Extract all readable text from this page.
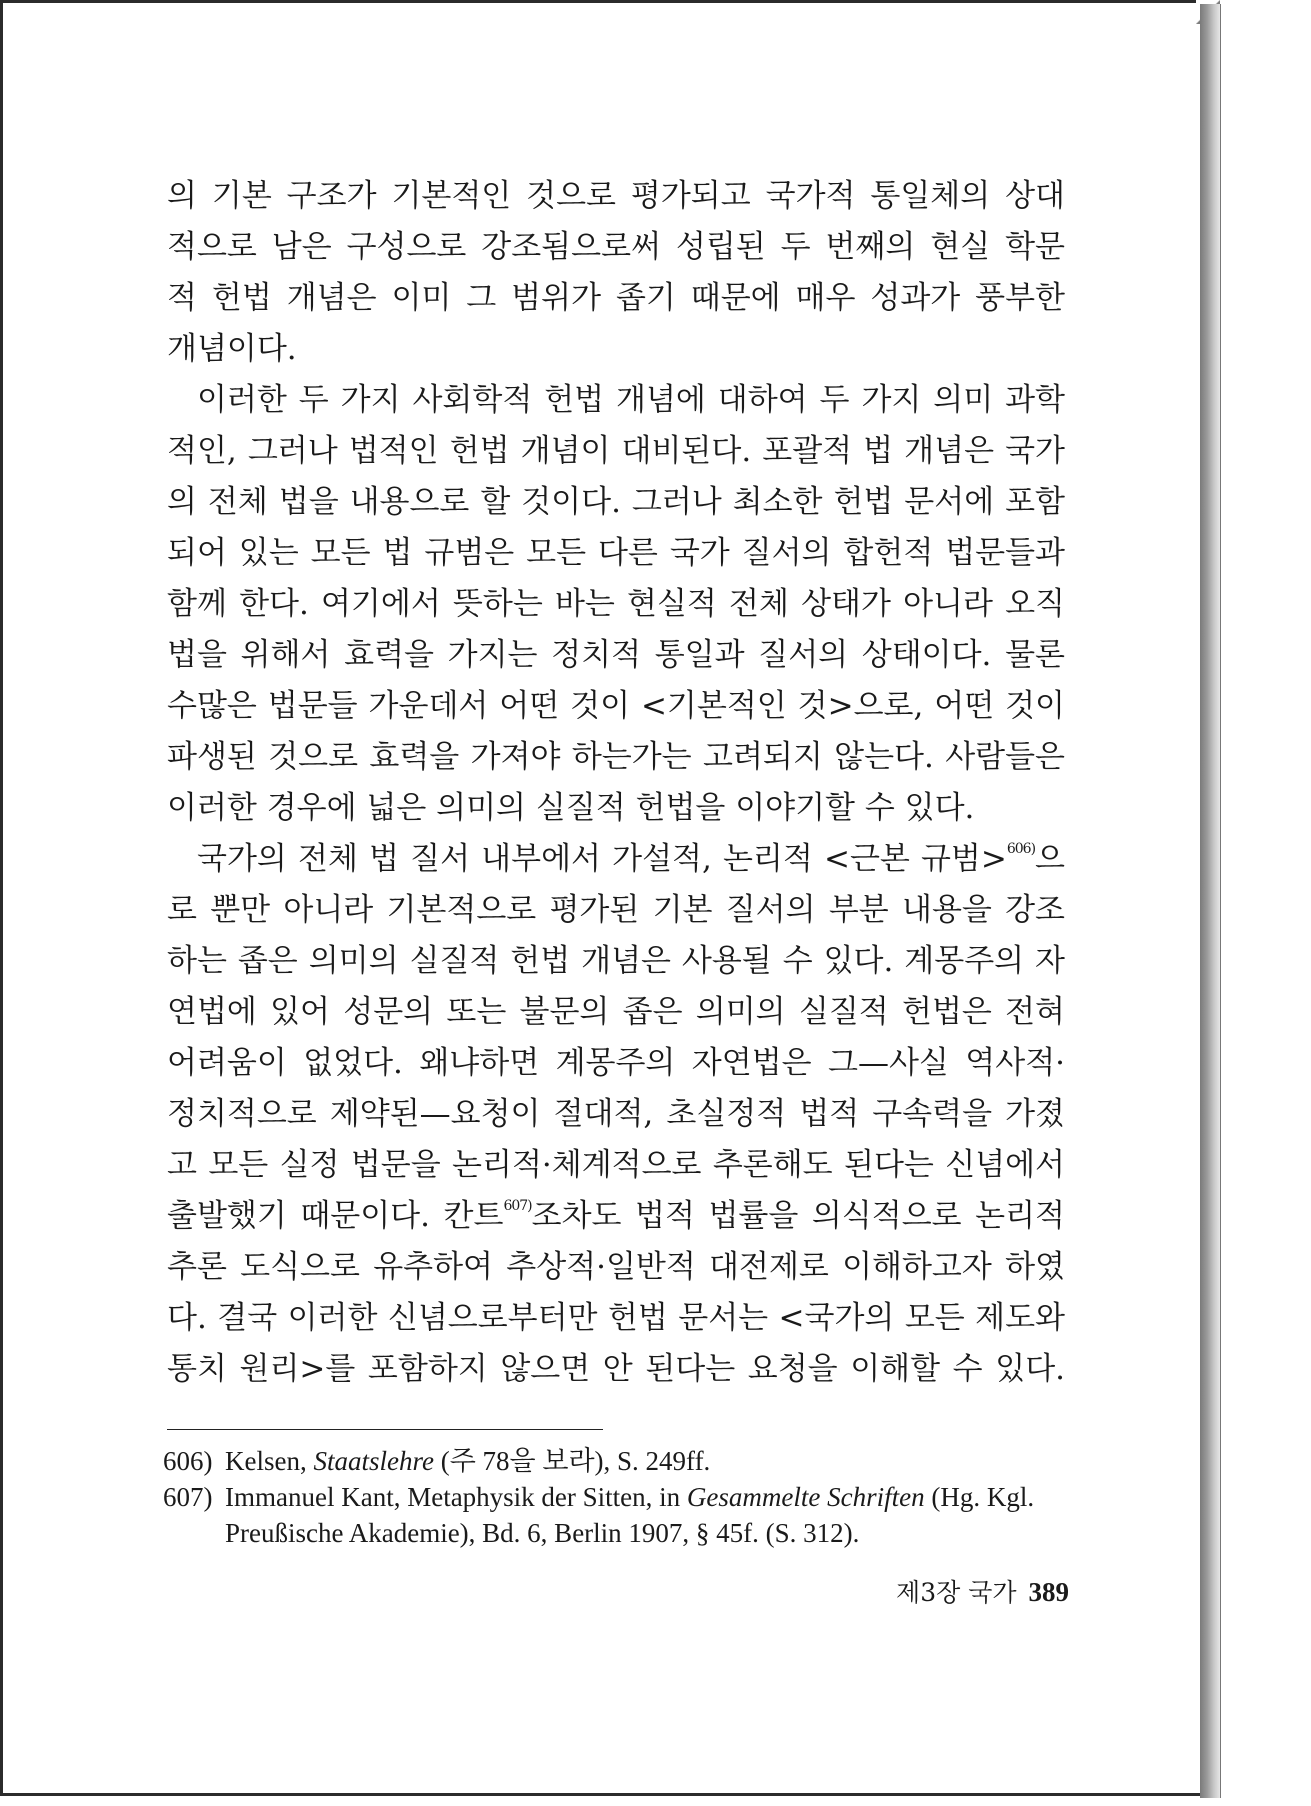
의 기본 구조가 기본적인 것으로 평가되고 국가적 통일체의 상대
적으로 남은 구성으로 강조됨으로써 성립된 두 번째의 현실 학문
적 헌법 개념은 이미 그 범위가 좁기 때문에 매우 성과가 풍부한
개념이다.

이러한 두 가지 사회학적 헌법 개념에 대하여 두 가지 의미 과학
적인, 그러나 법적인 헌법 개념이 대비된다. 포괄적 법 개념은 국가
의 전체 법을 내용으로 할 것이다. 그러나 최소한 헌법 문서에 포함
되어 있는 모든 법 규범은 모든 다른 국가 질서의 합헌적 법문들과
함께 한다. 여기에서 뜻하는 바는 현실적 전체 상태가 아니라 오직
법을 위해서 효력을 가지는 정치적 통일과 질서의 상태이다. 물론
수많은 법문들 가운데서 어떤 것이 <기본적인 것>으로, 어떤 것이
파생된 것으로 효력을 가져야 하는가는 고려되지 않는다. 사람들은
이러한 경우에 넓은 의미의 실질적 헌법을 이야기할 수 있다.

국가의 전체 법 질서 내부에서 가설적, 논리적 <근본 규범>$^{606)}$으
로 뿐만 아니라 기본적으로 평가된 기본 질서의 부분 내용을 강조
하는 좁은 의미의 실질적 헌법 개념은 사용될 수 있다. 계몽주의 자
연법에 있어 성문의 또는 불문의 좁은 의미의 실질적 헌법은 전혀
어려움이 없었다. 왜냐하면 계몽주의 자연법은 그—사실 역사적·
정치적으로 제약된—요청이 절대적, 초실정적 법적 구속력을 가졌
고 모든 실정 법문을 논리적·체계적으로 추론해도 된다는 신념에서
출발했기 때문이다. 칸트$^{607)}$조차도 법적 법률을 의식적으로 논리적
추론 도식으로 유추하여 추상적·일반적 대전제로 이해하고자 하였
다. 결국 이러한 신념으로부터만 헌법 문서는 <국가의 모든 제도와
통치 원리>를 포함하지 않으면 안 된다는 요청을 이해할 수 있다.

606) Kelsen, Staatslehre (주 78을 보라), S. 249ff.
607) Immanuel Kant, Metaphysik der Sitten, in Gesammelte Schriften (Hg. Kgl. Preußische Akademie), Bd. 6, Berlin 1907, § 45f. (S. 312).
제3장 국가 389
